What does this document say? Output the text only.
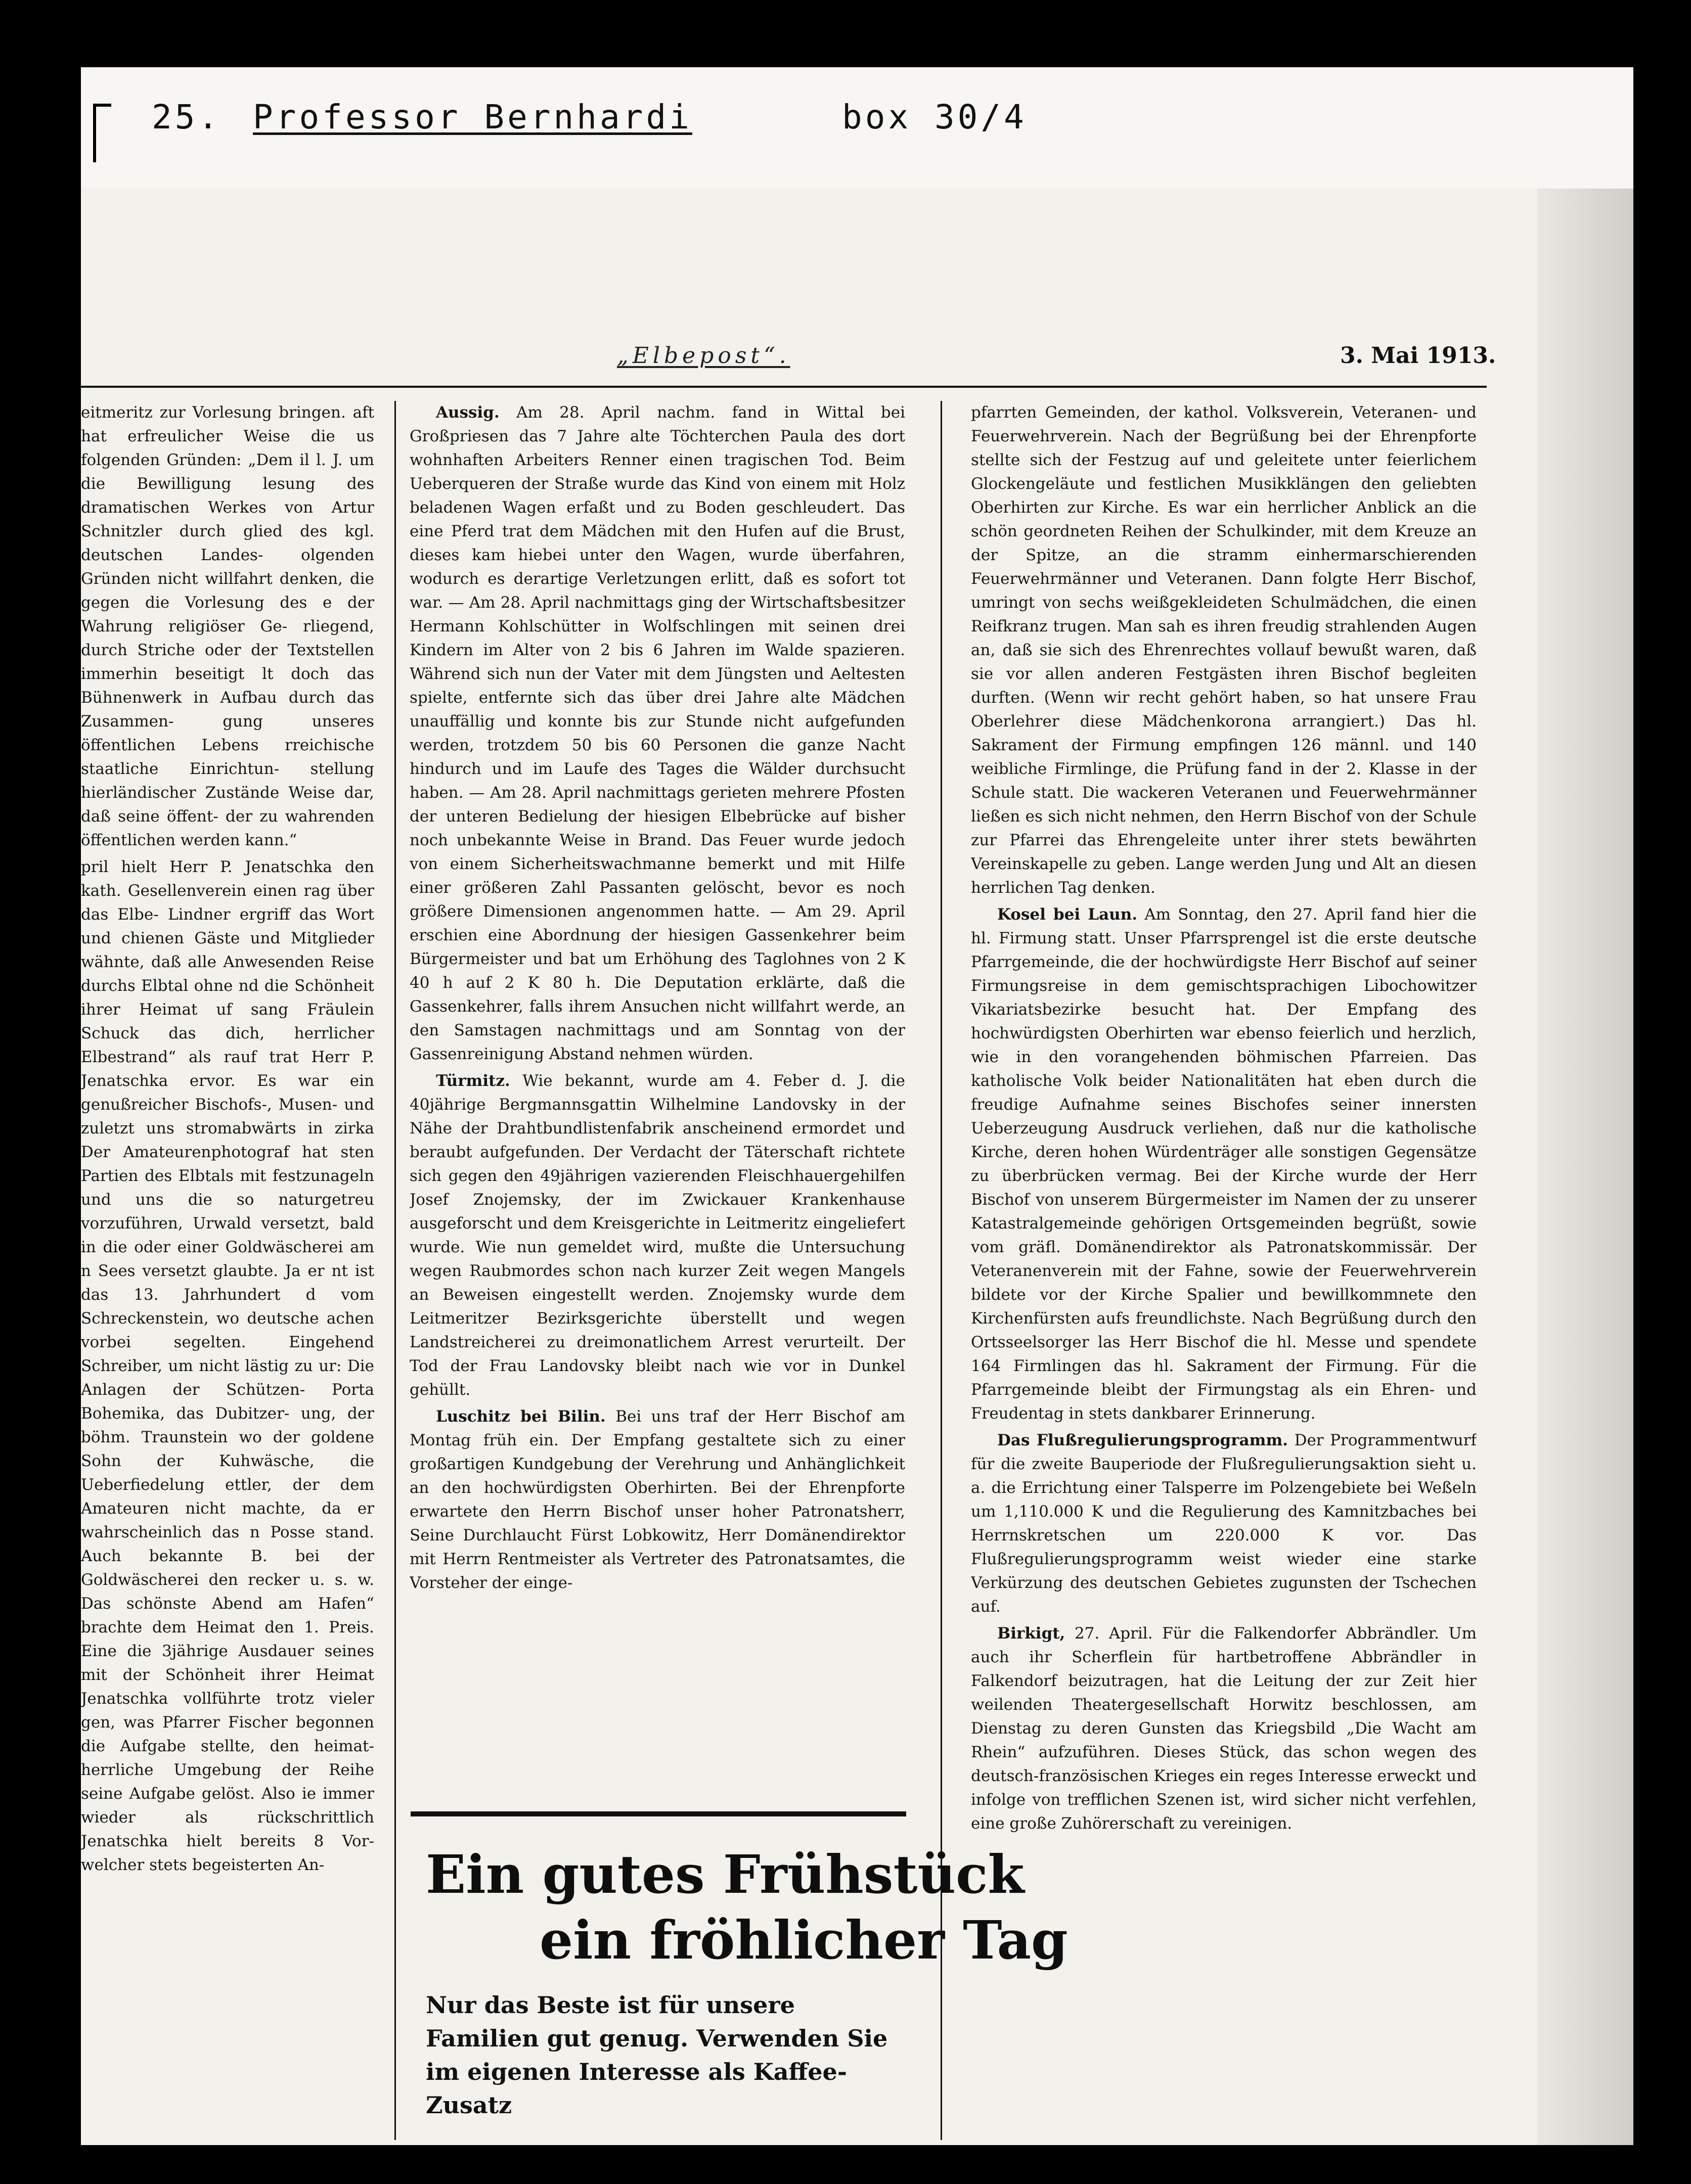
25. Professor Bernhardi	box 30/4
„Elbepost“.	3. Mai 1913.

eitmeritz zur Vorlesung bringen. aft hat erfreulicher Weise die us folgenden Gründen: „Dem il l. J. um die Bewilligung lesung des dramatischen Werkes von Artur Schnitzler durch glied des kgl. deutschen Landes- olgenden Gründen nicht willfahrt denken, die gegen die Vorlesung des e der Wahrung religiöser Ge- rliegend, durch Striche oder der Textstellen immerhin beseitigt lt doch das Bühnenwerk in Aufbau durch das Zusammen- gung unseres öffentlichen Lebens rreichische staatliche Einrichtun- stellung hierländischer Zustände Weise dar, daß seine öffent- der zu wahrenden öffentlichen werden kann.“

pril hielt Herr P. Jenatschka den kath. Gesellenverein einen rag über das Elbe- Lindner ergriff das Wort und chienen Gäste und Mitglieder wähnte, daß alle Anwesenden Reise durchs Elbtal ohne nd die Schönheit ihrer Heimat uf sang Fräulein Schuck das dich, herrlicher Elbestrand“ als rauf trat Herr P. Jenatschka ervor. Es war ein genußreicher Bischofs-, Musen- und zuletzt uns stromabwärts in zirka Der Amateurenphotograf hat sten Partien des Elbtals mit festzunageln und uns die so naturgetreu vorzuführen, Urwald versetzt, bald in die oder einer Goldwäscherei am n Sees versetzt glaubte. Ja er nt ist das 13. Jahrhundert d vom Schreckenstein, wo deutsche achen vorbei segelten. Eingehend Schreiber, um nicht lästig zu ur: Die Anlagen der Schützen- Porta Bohemika, das Dubitzer- ung, der böhm. Traunstein wo der goldene Sohn der Kuhwäsche, die Ueberfiedelung ettler, der dem Amateuren nicht machte, da er wahrscheinlich das n Posse stand. Auch bekannte B. bei der Goldwäscherei den recker u. s. w. Das schönste Abend am Hafen“ brachte dem Heimat den 1. Preis. Eine die 3jährige Ausdauer seines mit der Schönheit ihrer Heimat Jenatschka vollführte trotz vieler gen, was Pfarrer Fischer begonnen die Aufgabe stellte, den heimat- herrliche Umgebung der Reihe seine Aufgabe gelöst. Also ie immer wieder als rückschrittlich Jenatschka hielt bereits 8 Vor- welcher stets begeisterten An-

Aussig. Am 28. April nachm. fand in Wittal bei Großpriesen das 7 Jahre alte Töchterchen Paula des dort wohnhaften Arbeiters Renner einen tragischen Tod. Beim Ueberqueren der Straße wurde das Kind von einem mit Holz beladenen Wagen erfaßt und zu Boden geschleudert. Das eine Pferd trat dem Mädchen mit den Hufen auf die Brust, dieses kam hiebei unter den Wagen, wurde überfahren, wodurch es derartige Verletzungen erlitt, daß es sofort tot war. — Am 28. April nachmittags ging der Wirtschaftsbesitzer Hermann Kohlschütter in Wolfschlingen mit seinen drei Kindern im Alter von 2 bis 6 Jahren im Walde spazieren. Während sich nun der Vater mit dem Jüngsten und Aeltesten spielte, entfernte sich das über drei Jahre alte Mädchen unauffällig und konnte bis zur Stunde nicht aufgefunden werden, trotzdem 50 bis 60 Personen die ganze Nacht hindurch und im Laufe des Tages die Wälder durchsucht haben. — Am 28. April nachmittags gerieten mehrere Pfosten der unteren Bedielung der hiesigen Elbebrücke auf bisher noch unbekannte Weise in Brand. Das Feuer wurde jedoch von einem Sicherheitswachmanne bemerkt und mit Hilfe einer größeren Zahl Passanten gelöscht, bevor es noch größere Dimensionen angenommen hatte. — Am 29. April erschien eine Abordnung der hiesigen Gassenkehrer beim Bürgermeister und bat um Erhöhung des Taglohnes von 2 K 40 h auf 2 K 80 h. Die Deputation erklärte, daß die Gassenkehrer, falls ihrem Ansuchen nicht willfahrt werde, an den Samstagen nachmittags und am Sonntag von der Gassenreinigung Abstand nehmen würden.

Türmitz. Wie bekannt, wurde am 4. Feber d. J. die 40jährige Bergmannsgattin Wilhelmine Landovsky in der Nähe der Drahtbundlistenfabrik anscheinend ermordet und beraubt aufgefunden. Der Verdacht der Täterschaft richtete sich gegen den 49jährigen vazierenden Fleischhauergehilfen Josef Znojemsky, der im Zwickauer Krankenhause ausgeforscht und dem Kreisgerichte in Leitmeritz eingeliefert wurde. Wie nun gemeldet wird, mußte die Untersuchung wegen Raubmordes schon nach kurzer Zeit wegen Mangels an Beweisen eingestellt werden. Znojemsky wurde dem Leitmeritzer Bezirksgerichte überstellt und wegen Landstreicherei zu dreimonatlichem Arrest verurteilt. Der Tod der Frau Landovsky bleibt nach wie vor in Dunkel gehüllt.

Luschitz bei Bilin. Bei uns traf der Herr Bischof am Montag früh ein. Der Empfang gestaltete sich zu einer großartigen Kundgebung der Verehrung und Anhänglichkeit an den hochwürdigsten Oberhirten. Bei der Ehrenpforte erwartete den Herrn Bischof unser hoher Patronatsherr, Seine Durchlaucht Fürst Lobkowitz, Herr Domänendirektor mit Herrn Rentmeister als Vertreter des Patronatsamtes, die Vorsteher der einge-

pfarrten Gemeinden, der kathol. Volksverein, Veteranen- und Feuerwehrverein. Nach der Begrüßung bei der Ehrenpforte stellte sich der Festzug auf und geleitete unter feierlichem Glockengeläute und festlichen Musikklängen den geliebten Oberhirten zur Kirche. Es war ein herrlicher Anblick an die schön geordneten Reihen der Schulkinder, mit dem Kreuze an der Spitze, an die stramm einhermarschierenden Feuerwehrmänner und Veteranen. Dann folgte Herr Bischof, umringt von sechs weißgekleideten Schulmädchen, die einen Reifkranz trugen. Man sah es ihren freudig strahlenden Augen an, daß sie sich des Ehrenrechtes vollauf bewußt waren, daß sie vor allen anderen Festgästen ihren Bischof begleiten durften. (Wenn wir recht gehört haben, so hat unsere Frau Oberlehrer diese Mädchenkorona arrangiert.) Das hl. Sakrament der Firmung empfingen 126 männl. und 140 weibliche Firmlinge, die Prüfung fand in der 2. Klasse in der Schule statt. Die wackeren Veteranen und Feuerwehrmänner ließen es sich nicht nehmen, den Herrn Bischof von der Schule zur Pfarrei das Ehrengeleite unter ihrer stets bewährten Vereinskapelle zu geben. Lange werden Jung und Alt an diesen herrlichen Tag denken.

Kosel bei Laun. Am Sonntag, den 27. April fand hier die hl. Firmung statt. Unser Pfarrsprengel ist die erste deutsche Pfarrgemeinde, die der hochwürdigste Herr Bischof auf seiner Firmungsreise in dem gemischtsprachigen Libochowitzer Vikariatsbezirke besucht hat. Der Empfang des hochwürdigsten Oberhirten war ebenso feierlich und herzlich, wie in den vorangehenden böhmischen Pfarreien. Das katholische Volk beider Nationalitäten hat eben durch die freudige Aufnahme seines Bischofes seiner innersten Ueberzeugung Ausdruck verliehen, daß nur die katholische Kirche, deren hohen Würdenträger alle sonstigen Gegensätze zu überbrücken vermag. Bei der Kirche wurde der Herr Bischof von unserem Bürgermeister im Namen der zu unserer Katastralgemeinde gehörigen Ortsgemeinden begrüßt, sowie vom gräfl. Domänendirektor als Patronatskommissär. Der Veteranenverein mit der Fahne, sowie der Feuerwehrverein bildete vor der Kirche Spalier und bewillkommnete den Kirchenfürsten aufs freundlichste. Nach Begrüßung durch den Ortsseelsorger las Herr Bischof die hl. Messe und spendete 164 Firmlingen das hl. Sakrament der Firmung. Für die Pfarrgemeinde bleibt der Firmungstag als ein Ehren- und Freudentag in stets dankbarer Erinnerung.

Das Flußregulierungsprogramm. Der Programmentwurf für die zweite Bauperiode der Flußregulierungsaktion sieht u. a. die Errichtung einer Talsperre im Polzengebiete bei Weßeln um 1,110.000 K und die Regulierung des Kamnitzbaches bei Herrnskretschen um 220.000 K vor. Das Flußregulierungsprogramm weist wieder eine starke Verkürzung des deutschen Gebietes zugunsten der Tschechen auf.

Birkigt, 27. April. Für die Falkendorfer Abbrändler. Um auch ihr Scherflein für hartbetroffene Abbrändler in Falkendorf beizutragen, hat die Leitung der zur Zeit hier weilenden Theatergesellschaft Horwitz beschlossen, am Dienstag zu deren Gunsten das Kriegsbild „Die Wacht am Rhein“ aufzuführen. Dieses Stück, das schon wegen des deutsch-französischen Krieges ein reges Interesse erweckt und infolge von trefflichen Szenen ist, wird sicher nicht verfehlen, eine große Zuhörerschaft zu vereinigen.

Ein gutes Frühstück
ein fröhlicher Tag
Nur das Beste ist für unsere Familien gut genug. Verwenden Sie im eigenen Interesse als Kaffee-Zusatz
